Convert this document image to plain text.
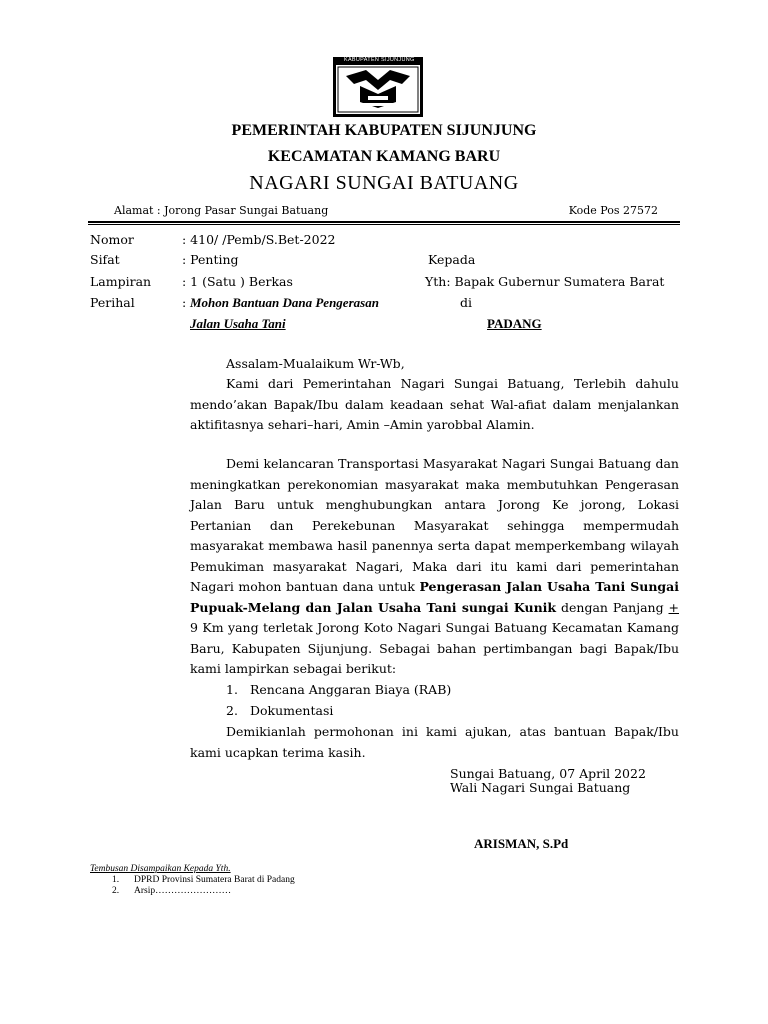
KABUPATEN SIJUNJUNG
PEMERINTAH KABUPATEN SIJUNJUNG
KECAMATAN KAMANG BARU
NAGARI SUNGAI BATUANG
Alamat : Jorong Pasar Sungai Batuang	Kode Pos 27572
Nomor	: 410/ /Pemb/S.Bet-2022
Sifat	: Penting	Kepada
Lampiran : 1 (Satu ) Berkas	Yth: Bapak Gubernur Sumatera Barat
Perihal	: Mohon Bantuan Dana Pengerasan	di
Jalan Usaha Tani	PADANG
Assalam-Mualaikum Wr-Wb,
Kami dari Pemerintahan Nagari Sungai Batuang, Terlebih dahulu mendo’akan Bapak/Ibu dalam keadaan sehat Wal-afiat dalam menjalankan aktifitasnya sehari–hari, Amin –Amin yarobbal Alamin.
Demi kelancaran Transportasi Masyarakat Nagari Sungai Batuang dan meningkatkan perekonomian masyarakat maka membutuhkan Pengerasan Jalan Baru untuk menghubungkan antara Jorong Ke jorong, Lokasi Pertanian dan Perekebunan Masyarakat sehingga mempermudah masyarakat membawa hasil panennya serta dapat memperkembang wilayah Pemukiman masyarakat Nagari, Maka dari itu kami dari pemerintahan Nagari mohon bantuan dana untuk Pengerasan Jalan Usaha Tani Sungai Pupuak-Melang dan Jalan Usaha Tani sungai Kunik dengan Panjang + 9 Km yang terletak Jorong Koto Nagari Sungai Batuang Kecamatan Kamang Baru, Kabupaten Sijunjung. Sebagai bahan pertimbangan bagi Bapak/Ibu kami lampirkan sebagai berikut:
1. Rencana Anggaran Biaya (RAB)
2. Dokumentasi
Demikianlah permohonan ini kami ajukan, atas bantuan Bapak/Ibu kami ucapkan terima kasih.
Sungai Batuang, 07 April 2022
Wali Nagari Sungai Batuang
ARISMAN, S.Pd
Tembusan Disampaikan Kepada Yth.
1. DPRD Provinsi Sumatera Barat di Padang
2. Arsip……………………
